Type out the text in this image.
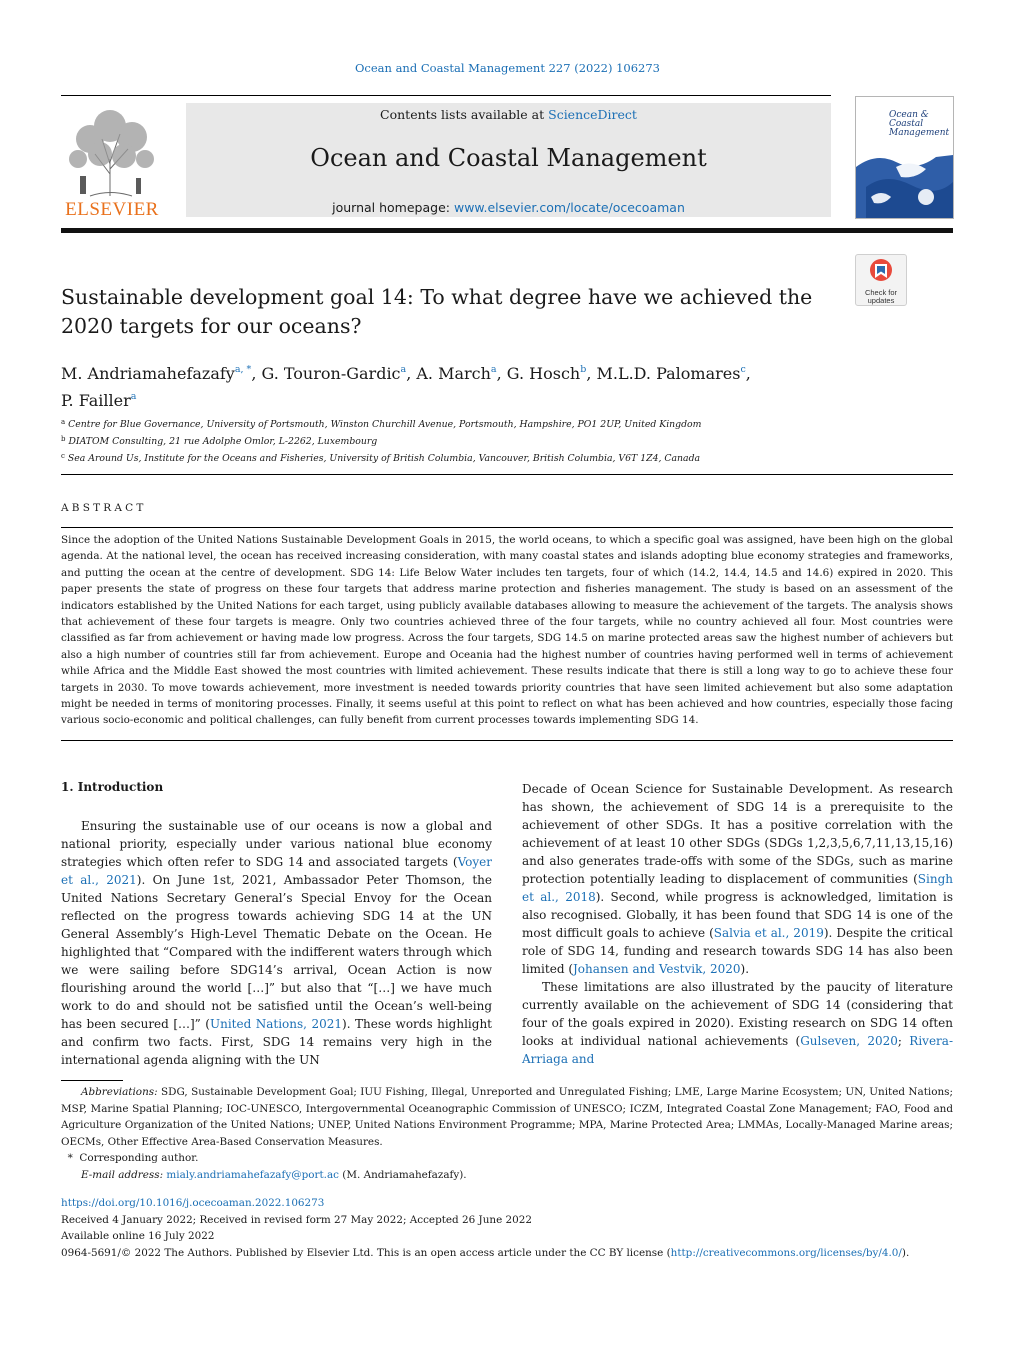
Ocean and Coastal Management 227 (2022) 106273
ELSEVIER
Contents lists available at ScienceDirect
Ocean and Coastal Management
journal homepage: www.elsevier.com/locate/ocecoaman
Ocean &
Coastal
Management
Check for
updates
Sustainable development goal 14: To what degree have we achieved the 2020 targets for our oceans?
M. Andriamahefazafy$^{a, *}$, G. Touron-Gardic$^a$, A. March$^a$, G. Hosch$^b$, M.L.D. Palomares$^c$,
P. Failler$^a$
$^a$ Centre for Blue Governance, University of Portsmouth, Winston Churchill Avenue, Portsmouth, Hampshire, PO1 2UP, United Kingdom
$^b$ DIATOM Consulting, 21 rue Adolphe Omlor, L-2262, Luxembourg
$^c$ Sea Around Us, Institute for the Oceans and Fisheries, University of British Columbia, Vancouver, British Columbia, V6T 1Z4, Canada
ABSTRACT
Since the adoption of the United Nations Sustainable Development Goals in 2015, the world oceans, to which a specific goal was assigned, have been high on the global agenda. At the national level, the ocean has received increasing consideration, with many coastal states and islands adopting blue economy strategies and frameworks, and putting the ocean at the centre of development. SDG 14: Life Below Water includes ten targets, four of which (14.2, 14.4, 14.5 and 14.6) expired in 2020. This paper presents the state of progress on these four targets that address marine protection and fisheries management. The study is based on an assessment of the indicators established by the United Nations for each target, using publicly available databases allowing to measure the achievement of the targets. The analysis shows that achievement of these four targets is meagre. Only two countries achieved three of the four targets, while no country achieved all four. Most countries were classified as far from achievement or having made low progress. Across the four targets, SDG 14.5 on marine protected areas saw the highest number of achievers but also a high number of countries still far from achievement. Europe and Oceania had the highest number of countries having performed well in terms of achievement while Africa and the Middle East showed the most countries with limited achievement. These results indicate that there is still a long way to go to achieve these four targets in 2030. To move towards achievement, more investment is needed towards priority countries that have seen limited achievement but also some adaptation might be needed in terms of monitoring processes. Finally, it seems useful at this point to reflect on what has been achieved and how countries, especially those facing various socio-economic and political challenges, can fully benefit from current processes towards implementing SDG 14.
1. Introduction

Ensuring the sustainable use of our oceans is now a global and national priority, especially under various national blue economy strategies which often refer to SDG 14 and associated targets (Voyer et al., 2021). On June 1st, 2021, Ambassador Peter Thomson, the United Nations Secretary General’s Special Envoy for the Ocean reflected on the progress towards achieving SDG 14 at the UN General Assembly’s High-Level Thematic Debate on the Ocean. He highlighted that “Compared with the indifferent waters through which we were sailing before SDG14’s arrival, Ocean Action is now flourishing around the world […]” but also that “[…] we have much work to do and should not be satisfied until the Ocean’s well-being has been secured […]” (United Nations, 2021). These words highlight and confirm two facts. First, SDG 14 remains very high in the international agenda aligning with the UN

Decade of Ocean Science for Sustainable Development. As research has shown, the achievement of SDG 14 is a prerequisite to the achievement of other SDGs. It has a positive correlation with the achievement of at least 10 other SDGs (SDGs 1,2,3,5,6,7,11,13,15,16) and also generates trade-offs with some of the SDGs, such as marine protection potentially leading to displacement of communities (Singh et al., 2018). Second, while progress is acknowledged, limitation is also recognised. Globally, it has been found that SDG 14 is one of the most difficult goals to achieve (Salvia et al., 2019). Despite the critical role of SDG 14, funding and research towards SDG 14 has also been limited (Johansen and Vestvik, 2020).

These limitations are also illustrated by the paucity of literature currently available on the achievement of SDG 14 (considering that four of the goals expired in 2020). Existing research on SDG 14 often looks at individual national achievements (Gulseven, 2020; Rivera-Arriaga and

Abbreviations: SDG, Sustainable Development Goal; IUU Fishing, Illegal, Unreported and Unregulated Fishing; LME, Large Marine Ecosystem; UN, United Nations; MSP, Marine Spatial Planning; IOC-UNESCO, Intergovernmental Oceanographic Commission of UNESCO; ICZM, Integrated Coastal Zone Management; FAO, Food and Agriculture Organization of the United Nations; UNEP, United Nations Environment Programme; MPA, Marine Protected Area; LMMAs, Locally-Managed Marine areas; OECMs, Other Effective Area-Based Conservation Measures.

*  Corresponding author.

E-mail address: mialy.andriamahefazafy@port.ac (M. Andriamahefazafy).

https://doi.org/10.1016/j.ocecoaman.2022.106273
Received 4 January 2022; Received in revised form 27 May 2022; Accepted 26 June 2022
Available online 16 July 2022
0964-5691/© 2022 The Authors. Published by Elsevier Ltd. This is an open access article under the CC BY license (http://creativecommons.org/licenses/by/4.0/).
